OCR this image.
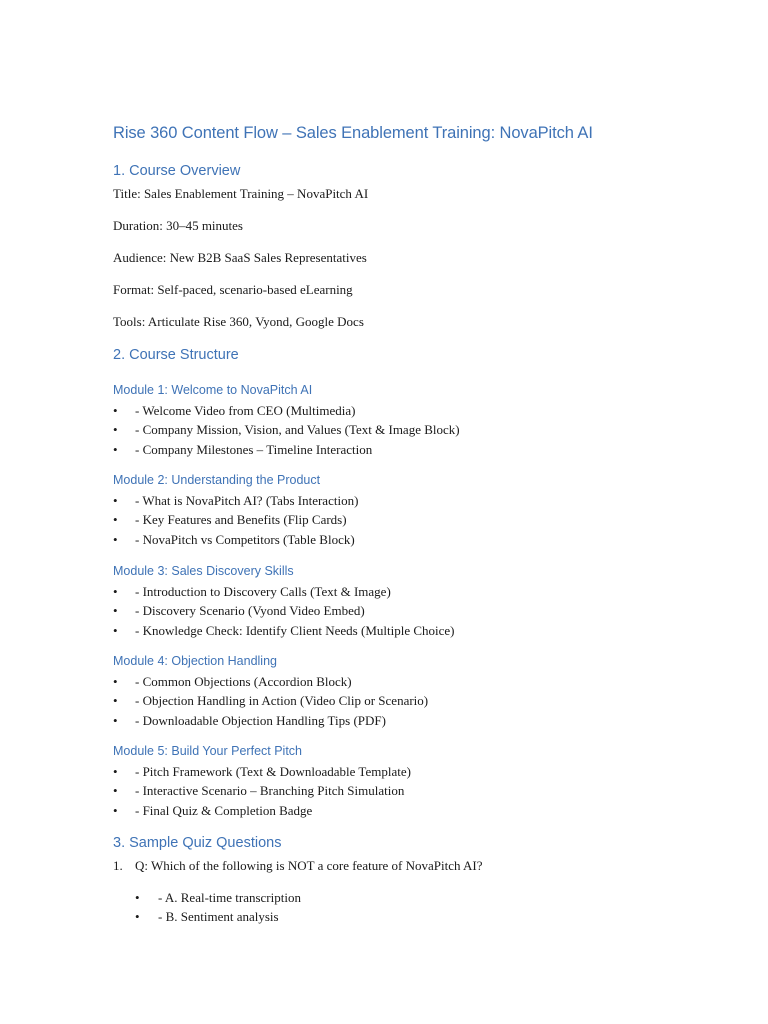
Rise 360 Content Flow – Sales Enablement Training: NovaPitch AI
1. Course Overview

Title: Sales Enablement Training – NovaPitch AI

Duration: 30–45 minutes

Audience: New B2B SaaS Sales Representatives

Format: Self-paced, scenario-based eLearning

Tools: Articulate Rise 360, Vyond, Google Docs

2. Course Structure
Module 1: Welcome to NovaPitch AI
• - Welcome Video from CEO (Multimedia)
• - Company Mission, Vision, and Values (Text & Image Block)
• - Company Milestones – Timeline Interaction
Module 2: Understanding the Product
• - What is NovaPitch AI? (Tabs Interaction)
• - Key Features and Benefits (Flip Cards)
• - NovaPitch vs Competitors (Table Block)
Module 3: Sales Discovery Skills
• - Introduction to Discovery Calls (Text & Image)
• - Discovery Scenario (Vyond Video Embed)
• - Knowledge Check: Identify Client Needs (Multiple Choice)
Module 4: Objection Handling
• - Common Objections (Accordion Block)
• - Objection Handling in Action (Video Clip or Scenario)
• - Downloadable Objection Handling Tips (PDF)
Module 5: Build Your Perfect Pitch
• - Pitch Framework (Text & Downloadable Template)
• - Interactive Scenario – Branching Pitch Simulation
• - Final Quiz & Completion Badge
3. Sample Quiz Questions

1. Q: Which of the following is NOT a core feature of NovaPitch AI?

• - A. Real-time transcription
• - B. Sentiment analysis
